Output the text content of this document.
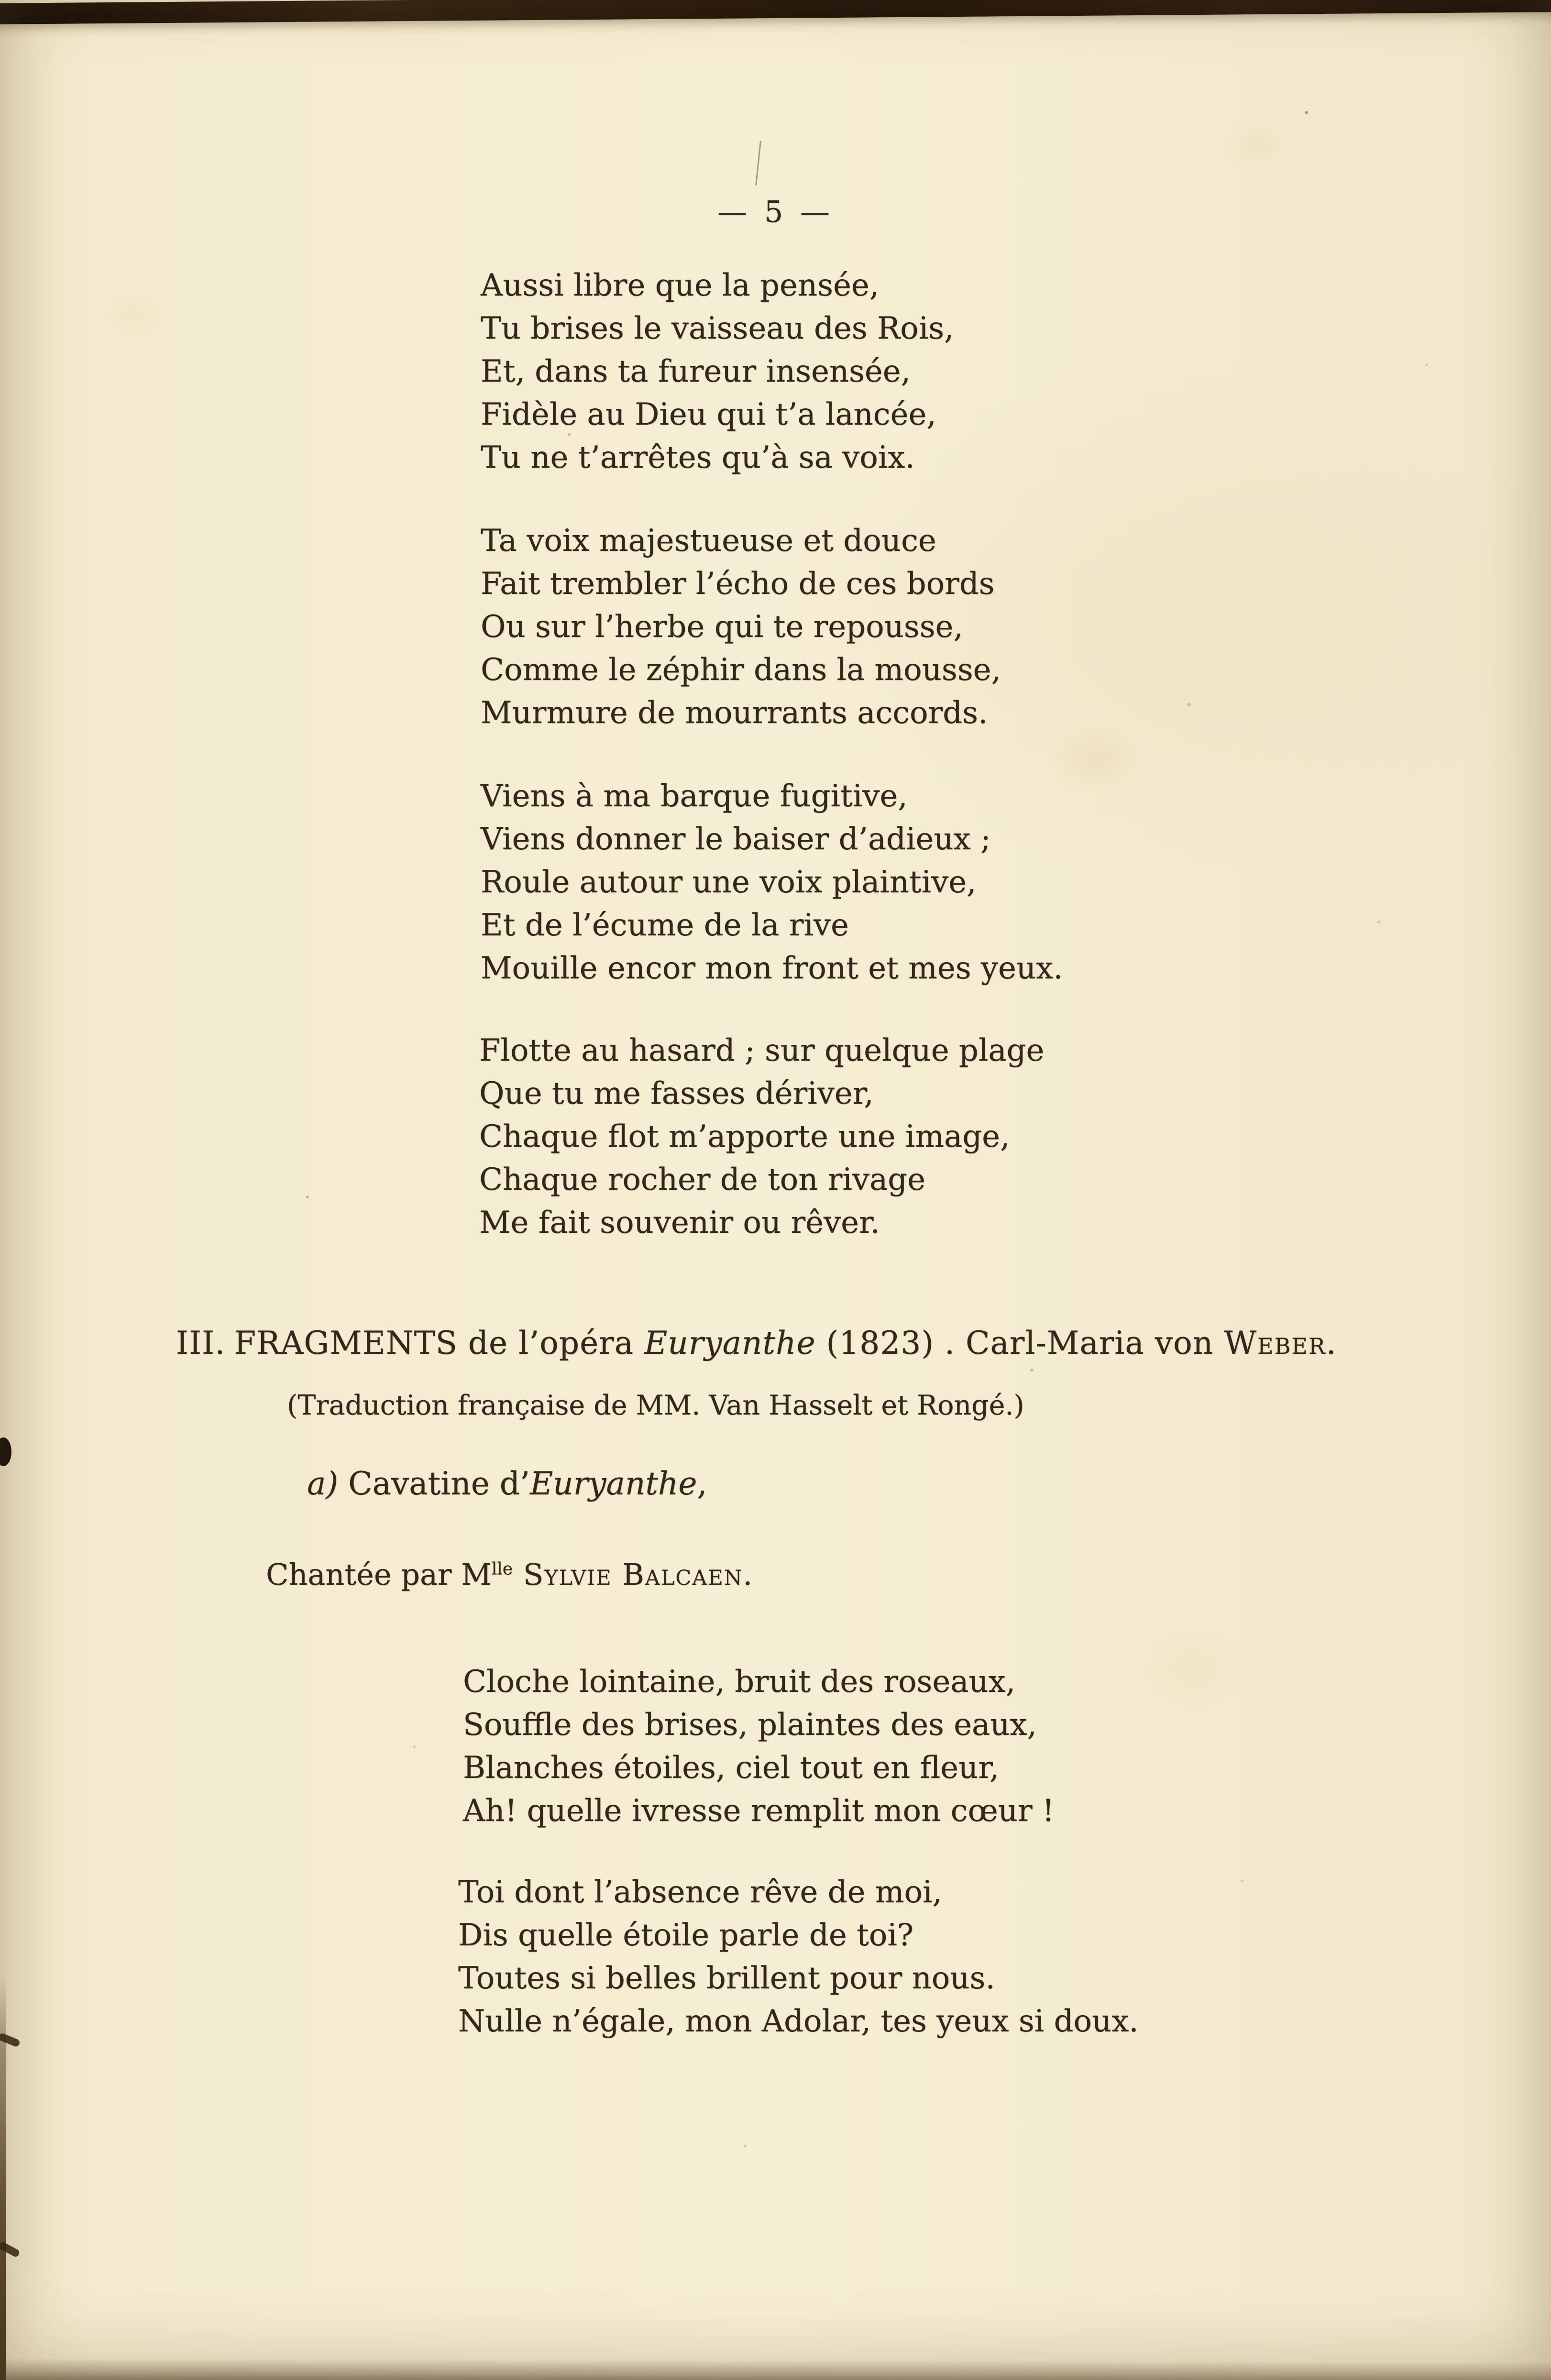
— 5 —
Aussi libre que la pensée,
Tu brises le vaisseau des Rois,
Et, dans ta fureur insensée,
Fidèle au Dieu qui t’a lancée,
Tu ne t’arrêtes qu’à sa voix.
Ta voix majestueuse et douce
Fait trembler l’écho de ces bords
Ou sur l’herbe qui te repousse,
Comme le zéphir dans la mousse,
Murmure de mourrants accords.
Viens à ma barque fugitive,
Viens donner le baiser d’adieux ;
Roule autour une voix plaintive,
Et de l’écume de la rive
Mouille encor mon front et mes yeux.
Flotte au hasard ; sur quelque plage
Que tu me fasses dériver,
Chaque flot m’apporte une image,
Chaque rocher de ton rivage
Me fait souvenir ou rêver.
III. FRAGMENTS de l’opéra Euryanthe (1823) . Carl-Maria von Weber.
(Traduction française de MM. Van Hasselt et Rongé.)
a) Cavatine d’Euryanthe,
Chantée par $M^{lle}$ Sylvie Balcaen.
Cloche lointaine, bruit des roseaux,
Souffle des brises, plaintes des eaux,
Blanches étoiles, ciel tout en fleur,
Ah! quelle ivresse remplit mon cœur !
Toi dont l’absence rêve de moi,
Dis quelle étoile parle de toi?
Toutes si belles brillent pour nous.
Nulle n’égale, mon Adolar, tes yeux si doux.
